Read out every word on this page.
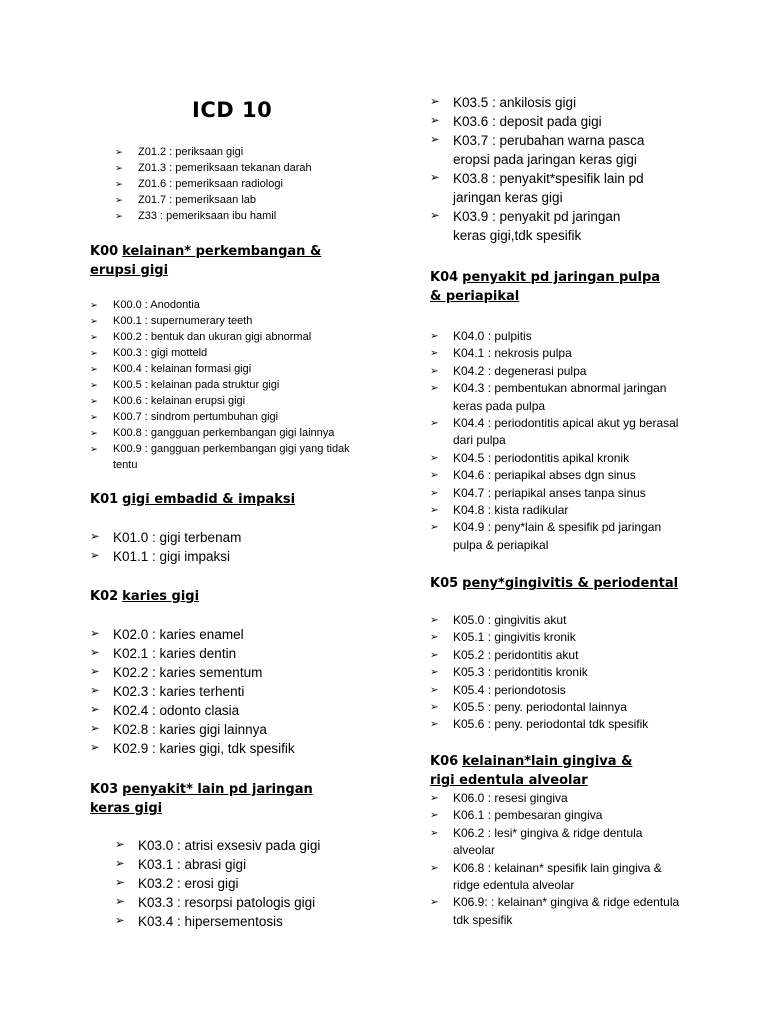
ICD 10
➢ Z01.2 : periksaan gigi
➢ Z01.3 : pemeriksaan tekanan darah
➢ Z01.6 : pemeriksaan radiologi
➢ Z01.7 : pemeriksaan lab
➢ Z33 : pemeriksaan ibu hamil
K00 kelainan* perkembangan & erupsi gigi
➢ K00.0 : Anodontia
➢ K00.1 : supernumerary teeth
➢ K00.2 : bentuk dan ukuran gigi abnormal
➢ K00.3 : gigi motteld
➢ K00.4 : kelainan formasi gigi
➢ K00.5 : kelainan pada struktur gigi
➢ K00.6 : kelainan erupsi gigi
➢ K00.7 : sindrom pertumbuhan gigi
➢ K00.8 : gangguan perkembangan gigi lainnya
➢ K00.9 : gangguan perkembangan gigi yang tidak tentu
K01 gigi embadid & impaksi
➢ K01.0 : gigi terbenam
➢ K01.1 : gigi impaksi
K02 karies gigi
➢ K02.0 : karies enamel
➢ K02.1 : karies dentin
➢ K02.2 : karies sementum
➢ K02.3 : karies terhenti
➢ K02.4 : odonto clasia
➢ K02.8 : karies gigi lainnya
➢ K02.9 : karies gigi, tdk spesifik
K03 penyakit* lain pd jaringan keras gigi
➢ K03.0 : atrisi exsesiv pada gigi
➢ K03.1 : abrasi gigi
➢ K03.2 : erosi gigi
➢ K03.3 : resorpsi patologis gigi
➢ K03.4 : hipersementosis
➢ K03.5 : ankilosis gigi
➢ K03.6 : deposit pada gigi
➢ K03.7 : perubahan warna pasca eropsi pada jaringan keras gigi
➢ K03.8 : penyakit*spesifik lain pd jaringan keras gigi
➢ K03.9 : penyakit pd jaringan keras gigi,tdk spesifik
K04 penyakit pd jaringan pulpa & periapikal
➢ K04.0 : pulpitis
➢ K04.1 : nekrosis pulpa
➢ K04.2 : degenerasi pulpa
➢ K04.3 : pembentukan abnormal jaringan keras pada pulpa
➢ K04.4 : periodontitis apical akut yg berasal dari pulpa
➢ K04.5 : periodontitis apikal kronik
➢ K04.6 : periapikal abses dgn sinus
➢ K04.7 : periapikal anses tanpa sinus
➢ K04.8 : kista radikular
➢ K04.9 : peny*lain & spesifik pd jaringan pulpa & periapikal
K05 peny*gingivitis & periodental
➢ K05.0 : gingivitis akut
➢ K05.1 : gingivitis kronik
➢ K05.2 : peridontitis akut
➢ K05.3 : peridontitis kronik
➢ K05.4 : periondotosis
➢ K05.5 : peny. periodontal lainnya
➢ K05.6 : peny. periodontal tdk spesifik
K06 kelainan*lain gingiva & rigi edentula alveolar
➢ K06.0 : resesi gingiva
➢ K06.1 : pembesaran gingiva
➢ K06.2 : lesi* gingiva & ridge dentula alveolar
➢ K06.8 : kelainan* spesifik lain gingiva & ridge edentula alveolar
➢ K06.9: : kelainan* gingiva & ridge edentula tdk spesifik
